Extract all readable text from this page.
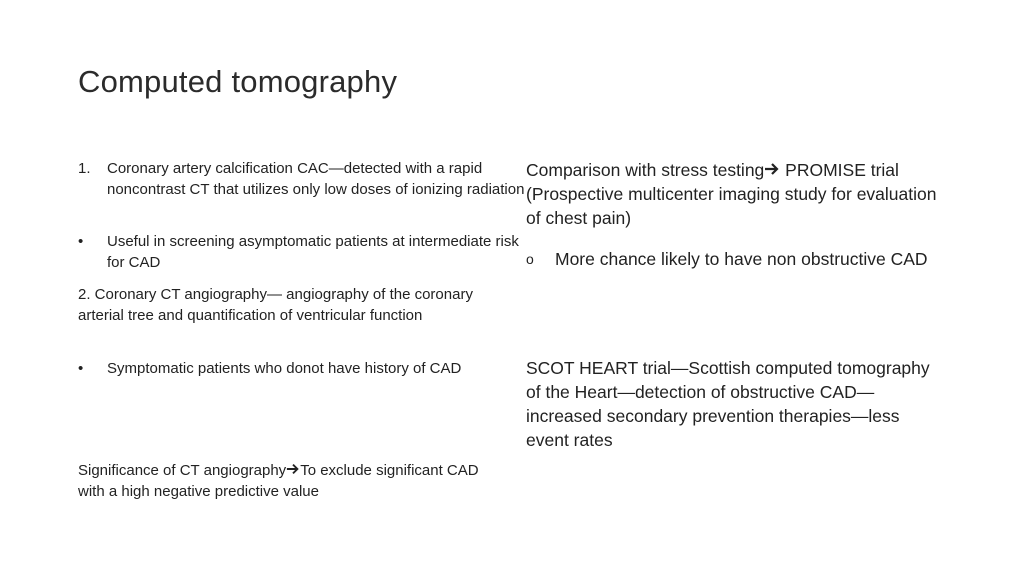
Computed tomography

1.	Coronary artery calcification CAC—detected with a rapid noncontrast CT that utilizes only low doses of ionizing radiation

•	Useful in screening asymptomatic patients at intermediate risk for CAD

2. Coronary CT angiography— angiography of the coronary arterial tree and quantification of ventricular function

•	Symptomatic patients who donot have history of CAD

Significance of CT angiography To exclude significant CAD with a high negative predictive value

Comparison with stress testing PROMISE trial (Prospective multicenter imaging study for evaluation of chest pain)

o	More chance likely to have non obstructive CAD

SCOT HEART trial—Scottish computed tomography of the Heart—detection of obstructive CAD—increased secondary prevention therapies—less event rates
